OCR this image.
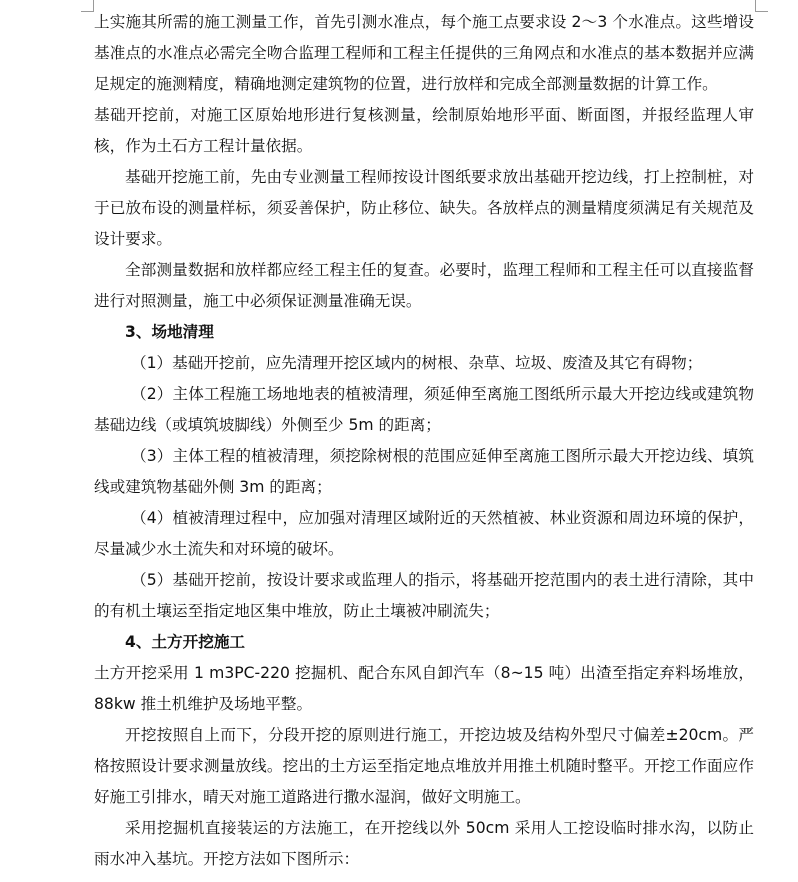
上实施其所需的施工测量工作，首先引测水准点，每个施工点要求设 2～3 个水准点。这些增设基准点的水准点必需完全吻合监理工程师和工程主任提供的三角网点和水准点的基本数据并应满足规定的施测精度，精确地测定建筑物的位置，进行放样和完成全部测量数据的计算工作。

基础开挖前，对施工区原始地形进行复核测量，绘制原始地形平面、断面图，并报经监理人审核，作为土石方工程计量依据。

基础开挖施工前，先由专业测量工程师按设计图纸要求放出基础开挖边线，打上控制桩，对于已放布设的测量样标，须妥善保护，防止移位、缺失。各放样点的测量精度须满足有关规范及设计要求。

全部测量数据和放样都应经工程主任的复查。必要时，监理工程师和工程主任可以直接监督进行对照测量，施工中必须保证测量准确无误。

3、场地清理

（1）基础开挖前，应先清理开挖区域内的树根、杂草、垃圾、废渣及其它有碍物；

（2）主体工程施工场地地表的植被清理，须延伸至离施工图纸所示最大开挖边线或建筑物基础边线（或填筑坡脚线）外侧至少 5m 的距离；

（3）主体工程的植被清理，须挖除树根的范围应延伸至离施工图所示最大开挖边线、填筑线或建筑物基础外侧 3m 的距离；

（4）植被清理过程中，应加强对清理区域附近的天然植被、林业资源和周边环境的保护，尽量减少水土流失和对环境的破坏。

（5）基础开挖前，按设计要求或监理人的指示，将基础开挖范围内的表土进行清除，其中的有机土壤运至指定地区集中堆放，防止土壤被冲刷流失；

4、土方开挖施工

土方开挖采用 1 m3PC-220 挖掘机、配合东风自卸汽车（8~15 吨）出渣至指定弃料场堆放，88kw 推土机维护及场地平整。

开挖按照自上而下，分段开挖的原则进行施工，开挖边坡及结构外型尺寸偏差±20cm。严格按照设计要求测量放线。挖出的土方运至指定地点堆放并用推土机随时整平。开挖工作面应作好施工引排水，晴天对施工道路进行撒水湿润，做好文明施工。

采用挖掘机直接装运的方法施工，在开挖线以外 50cm 采用人工挖设临时排水沟，以防止雨水冲入基坑。开挖方法如下图所示：
